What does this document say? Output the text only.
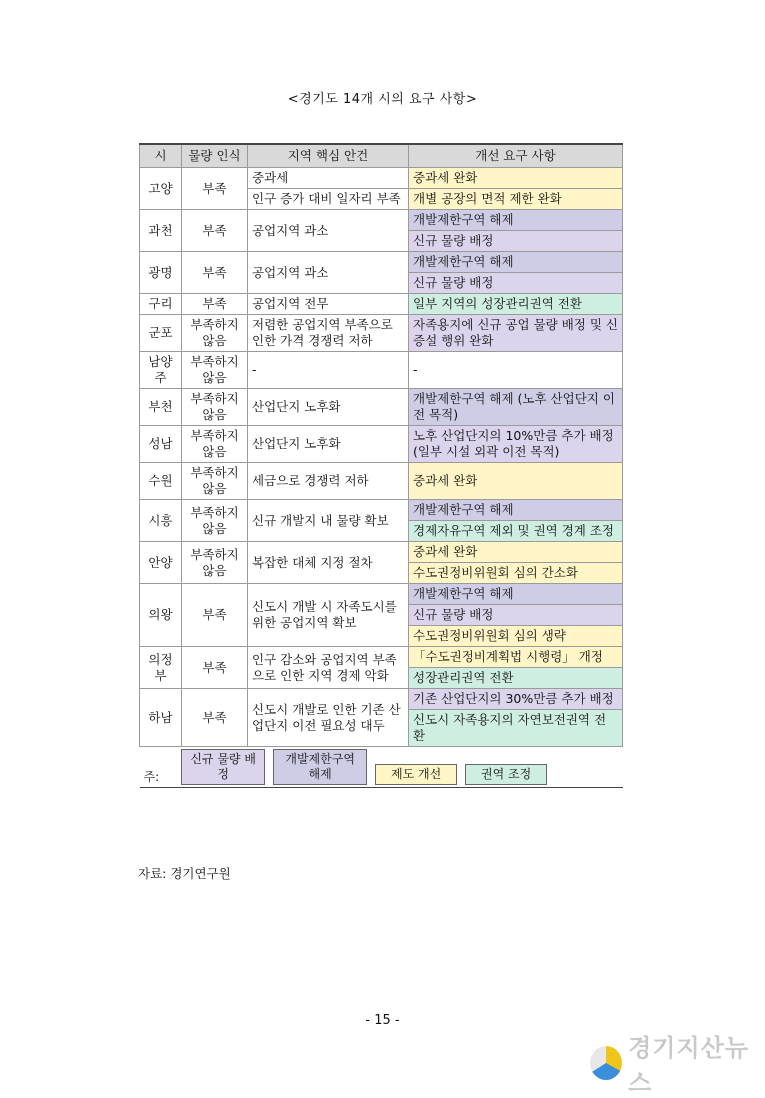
<경기도 14개 시의 요구 사항>
시	물량 인식	지역 핵심 안건	개선 요구 사항
고양	부족	중과세	중과세 완화
		인구 증가 대비 일자리 부족	개별 공장의 면적 제한 완화
과천	부족	공업지역 과소	개발제한구역 해제
			신규 물량 배정
광명	부족	공업지역 과소	개발제한구역 해제
			신규 물량 배정
구리	부족	공업지역 전무	일부 지역의 성장관리권역 전환
군포	부족하지 않음	저렴한 공업지역 부족으로 인한 가격 경쟁력 저하	자족용지에 신규 공업 물량 배정 및 신증설 행위 완화
남양주	부족하지 않음	-	-
부천	부족하지 않음	산업단지 노후화	개발제한구역 해제 (노후 산업단지 이전 목적)
성남	부족하지 않음	산업단지 노후화	노후 산업단지의 10%만큼 추가 배정 (일부 시설 외곽 이전 목적)
수원	부족하지 않음	세금으로 경쟁력 저하	중과세 완화
시흥	부족하지 않음	신규 개발지 내 물량 확보	개발제한구역 해제
			경제자유구역 제외 및 권역 경계 조정
안양	부족하지 않음	복잡한 대체 지정 절차	중과세 완화
			수도권정비위원회 심의 간소화
의왕	부족	신도시 개발 시 자족도시를 위한 공업지역 확보	개발제한구역 해제
			신규 물량 배정
			수도권정비위원회 심의 생략
의정부	부족	인구 감소와 공업지역 부족으로 인한 지역 경제 악화	「수도권정비계획법 시행령」 개정
			성장관리권역 전환
하남	부족	신도시 개발로 인한 기존 산업단지 이전 필요성 대두	기존 산업단지의 30%만큼 추가 배정
			신도시 자족용지의 자연보전권역 전환

주:
신규 물량 배정
개발제한구역 해제 제도 개선 권역 조정			
자료: 경기연구원
- 15 -
경기지산뉴스
